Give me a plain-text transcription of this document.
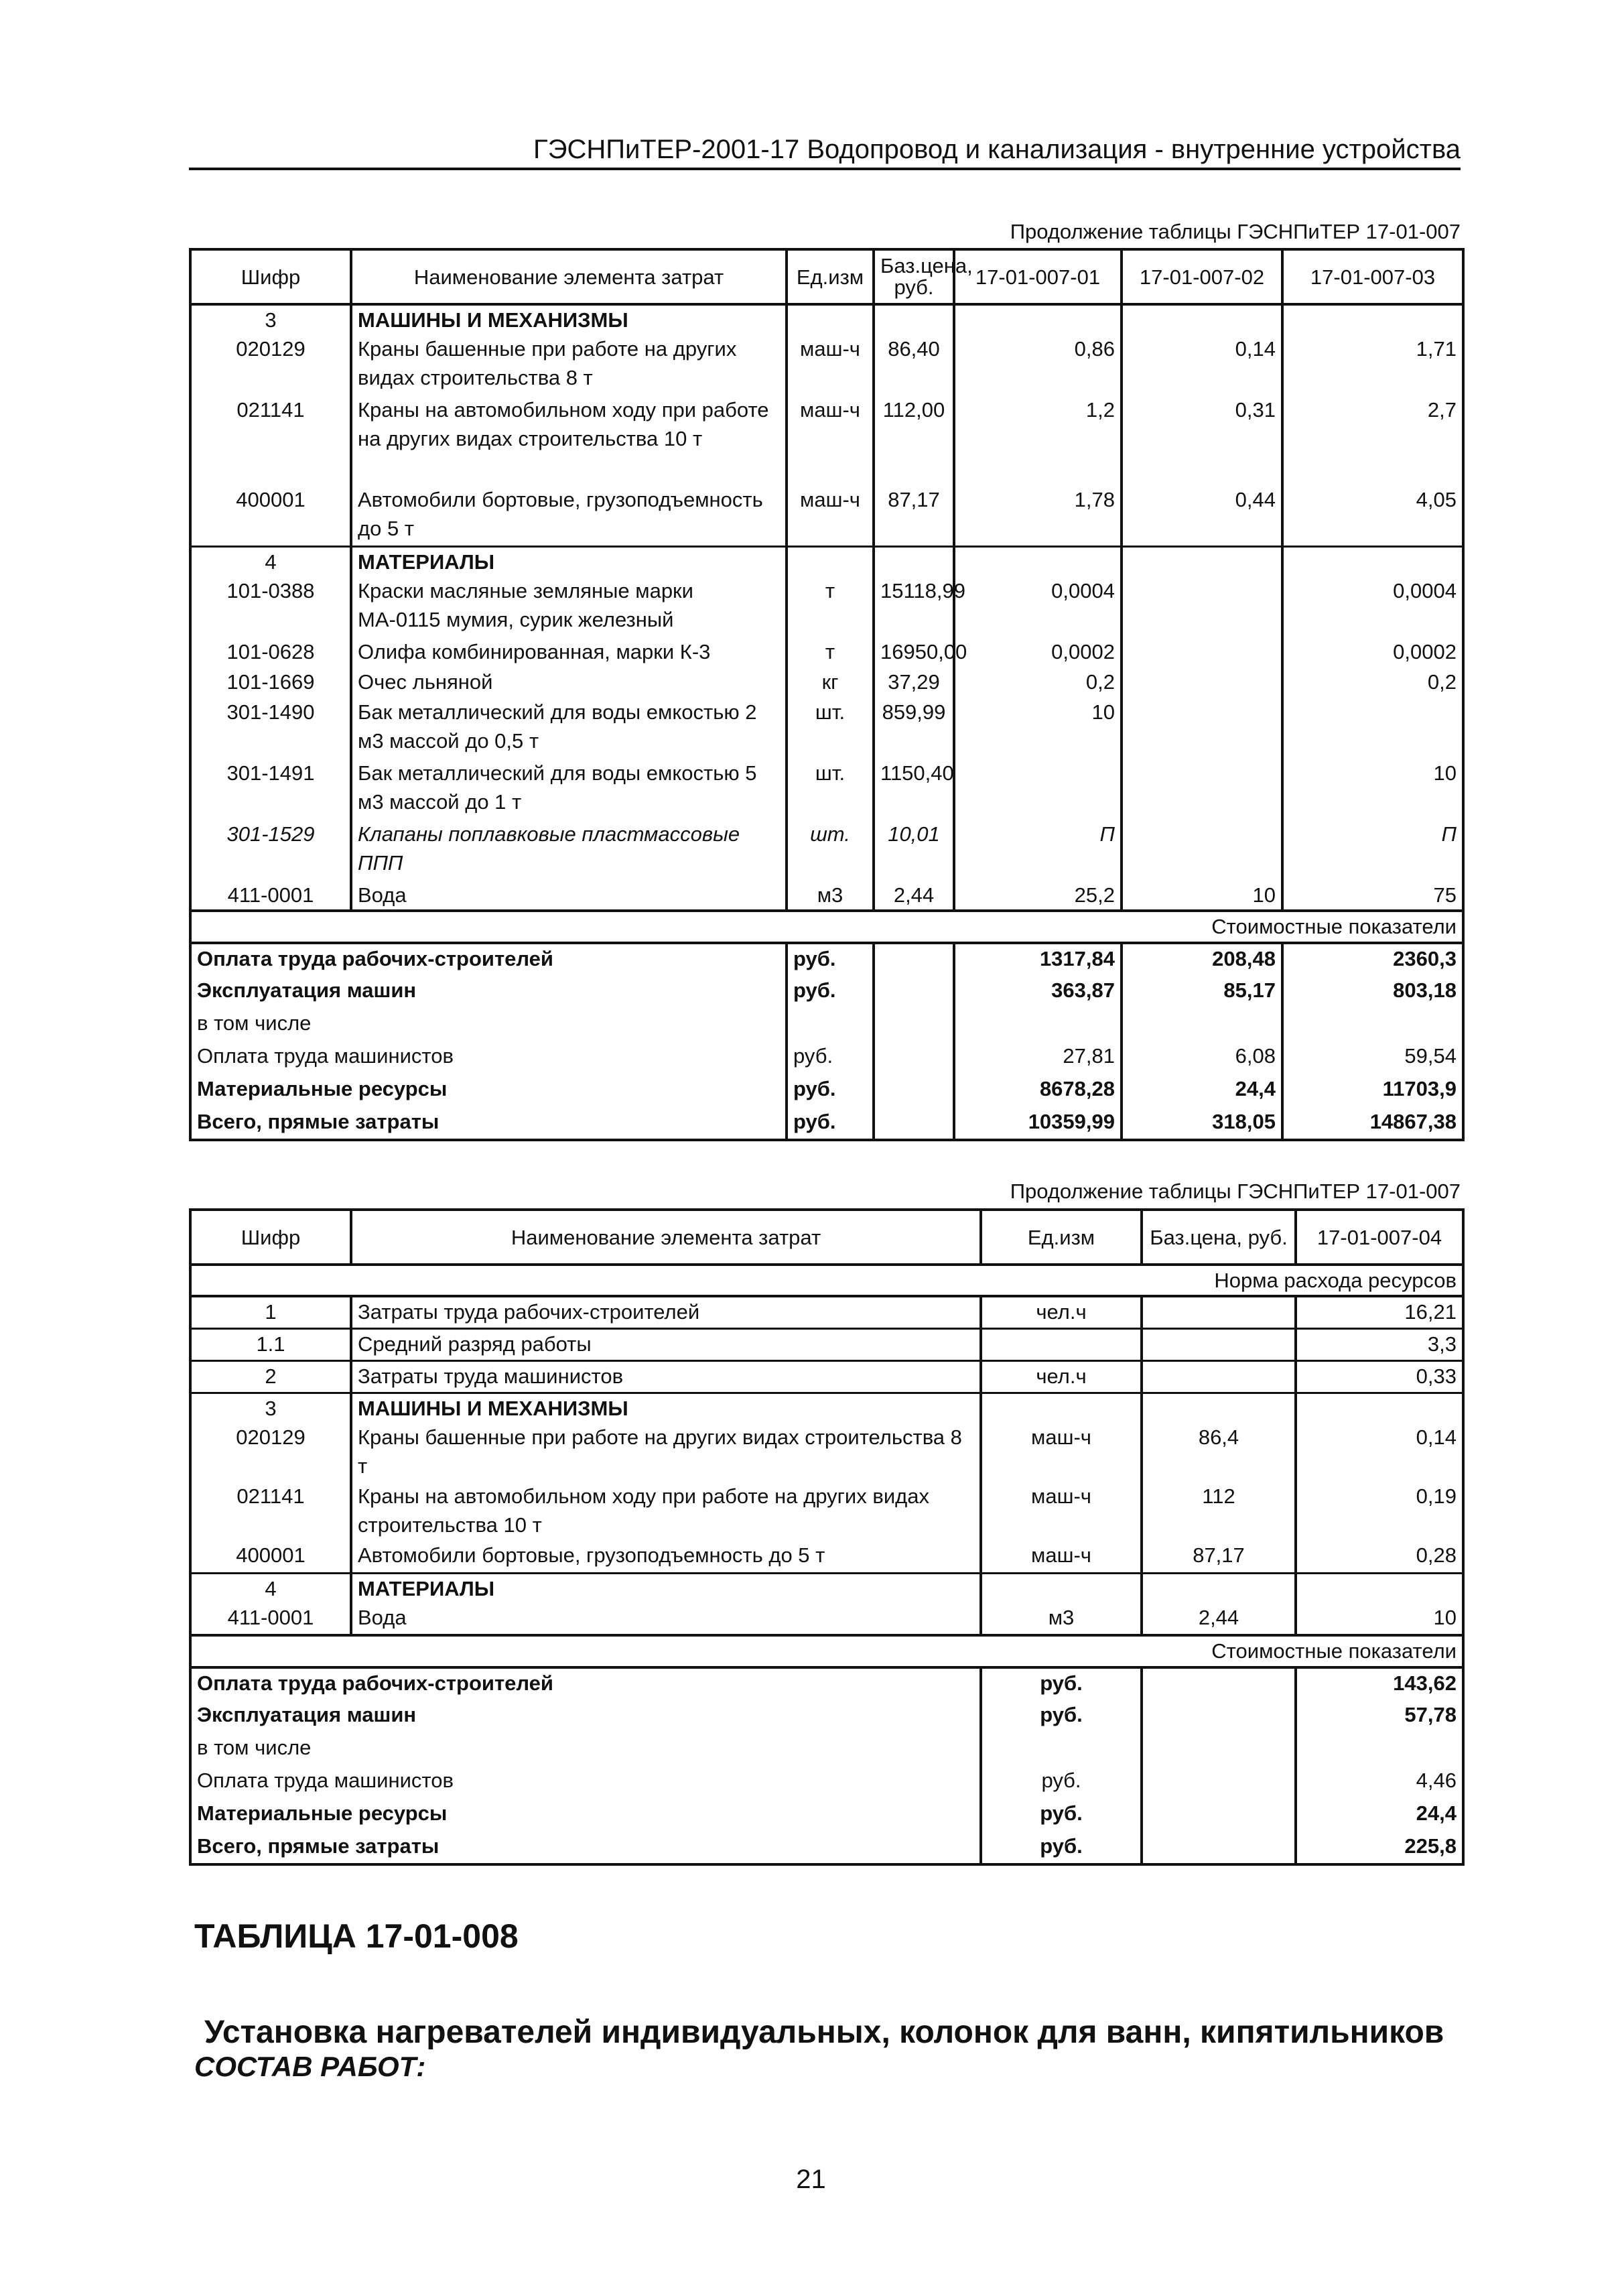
ГЭСНПиТЕР-2001-17 Водопровод и канализация - внутренние устройства
Продолжение таблицы ГЭСНПиТЕР 17-01-007
Шифр	Наименование элемента затрат	Ед.изм	Баз.цена, руб.	17-01-007-01	17-01-007-02	17-01-007-03
3	МАШИНЫ И МЕХАНИЗМЫ					
020129	Краны башенные при работе на других видах строительства 8 т	маш-ч	86,40	0,86	0,14	1,71
021141	Краны на автомобильном ходу при работе на других видах строительства 10 т	маш-ч	112,00	1,2	0,31	2,7
400001	Автомобили бортовые, грузоподъемность до 5 т	маш-ч	87,17	1,78	0,44	4,05
4	МАТЕРИАЛЫ					
101-0388	Краски масляные земляные марки МА-0115 мумия, сурик железный	т	15118,99	0,0004		0,0004
101-0628	Олифа комбинированная, марки К-3	т	16950,00	0,0002		0,0002
101-1669	Очес льняной	кг	37,29	0,2		0,2
301-1490	Бак металлический для воды емкостью 2 м3 массой до 0,5 т	шт.	859,99	10		
301-1491	Бак металлический для воды емкостью 5 м3 массой до 1 т	шт.	1150,40			10
301-1529	Клапаны поплавковые пластмассовые ППП	шт.	10,01	П		П
411-0001	Вода	м3	2,44	25,2	10	75
Стоимостные показатели						
Оплата труда рабочих-строителей		руб.		1317,84	208,48	2360,3
Эксплуатация машин		руб.		363,87	85,17	803,18
в том числе						
Оплата труда машинистов		руб.		27,81	6,08	59,54
Материальные ресурсы		руб.		8678,28	24,4	11703,9
Всего, прямые затраты		руб.		10359,99	318,05	14867,38
Продолжение таблицы ГЭСНПиТЕР 17-01-007
Шифр	Наименование элемента затрат	Ед.изм	Баз.цена, руб.	17-01-007-04
Норма расхода ресурсов				
1	Затраты труда рабочих-строителей	чел.ч		16,21
1.1	Средний разряд работы			3,3
2	Затраты труда машинистов	чел.ч		0,33
3	МАШИНЫ И МЕХАНИЗМЫ			
020129	Краны башенные при работе на других видах строительства 8 т	маш-ч	86,4	0,14
021141	Краны на автомобильном ходу при работе на других видах строительства 10 т	маш-ч	112	0,19
400001	Автомобили бортовые, грузоподъемность до 5 т	маш-ч	87,17	0,28
4	МАТЕРИАЛЫ			
411-0001	Вода	м3	2,44	10
Стоимостные показатели				
Оплата труда рабочих-строителей		руб.		143,62
Эксплуатация машин		руб.		57,78
в том числе				
Оплата труда машинистов		руб.		4,46
Материальные ресурсы		руб.		24,4
Всего, прямые затраты		руб.		225,8
ТАБЛИЦА 17-01-008
Установка нагревателей индивидуальных, колонок для ванн, кипятильников
СОСТАВ РАБОТ:
21
